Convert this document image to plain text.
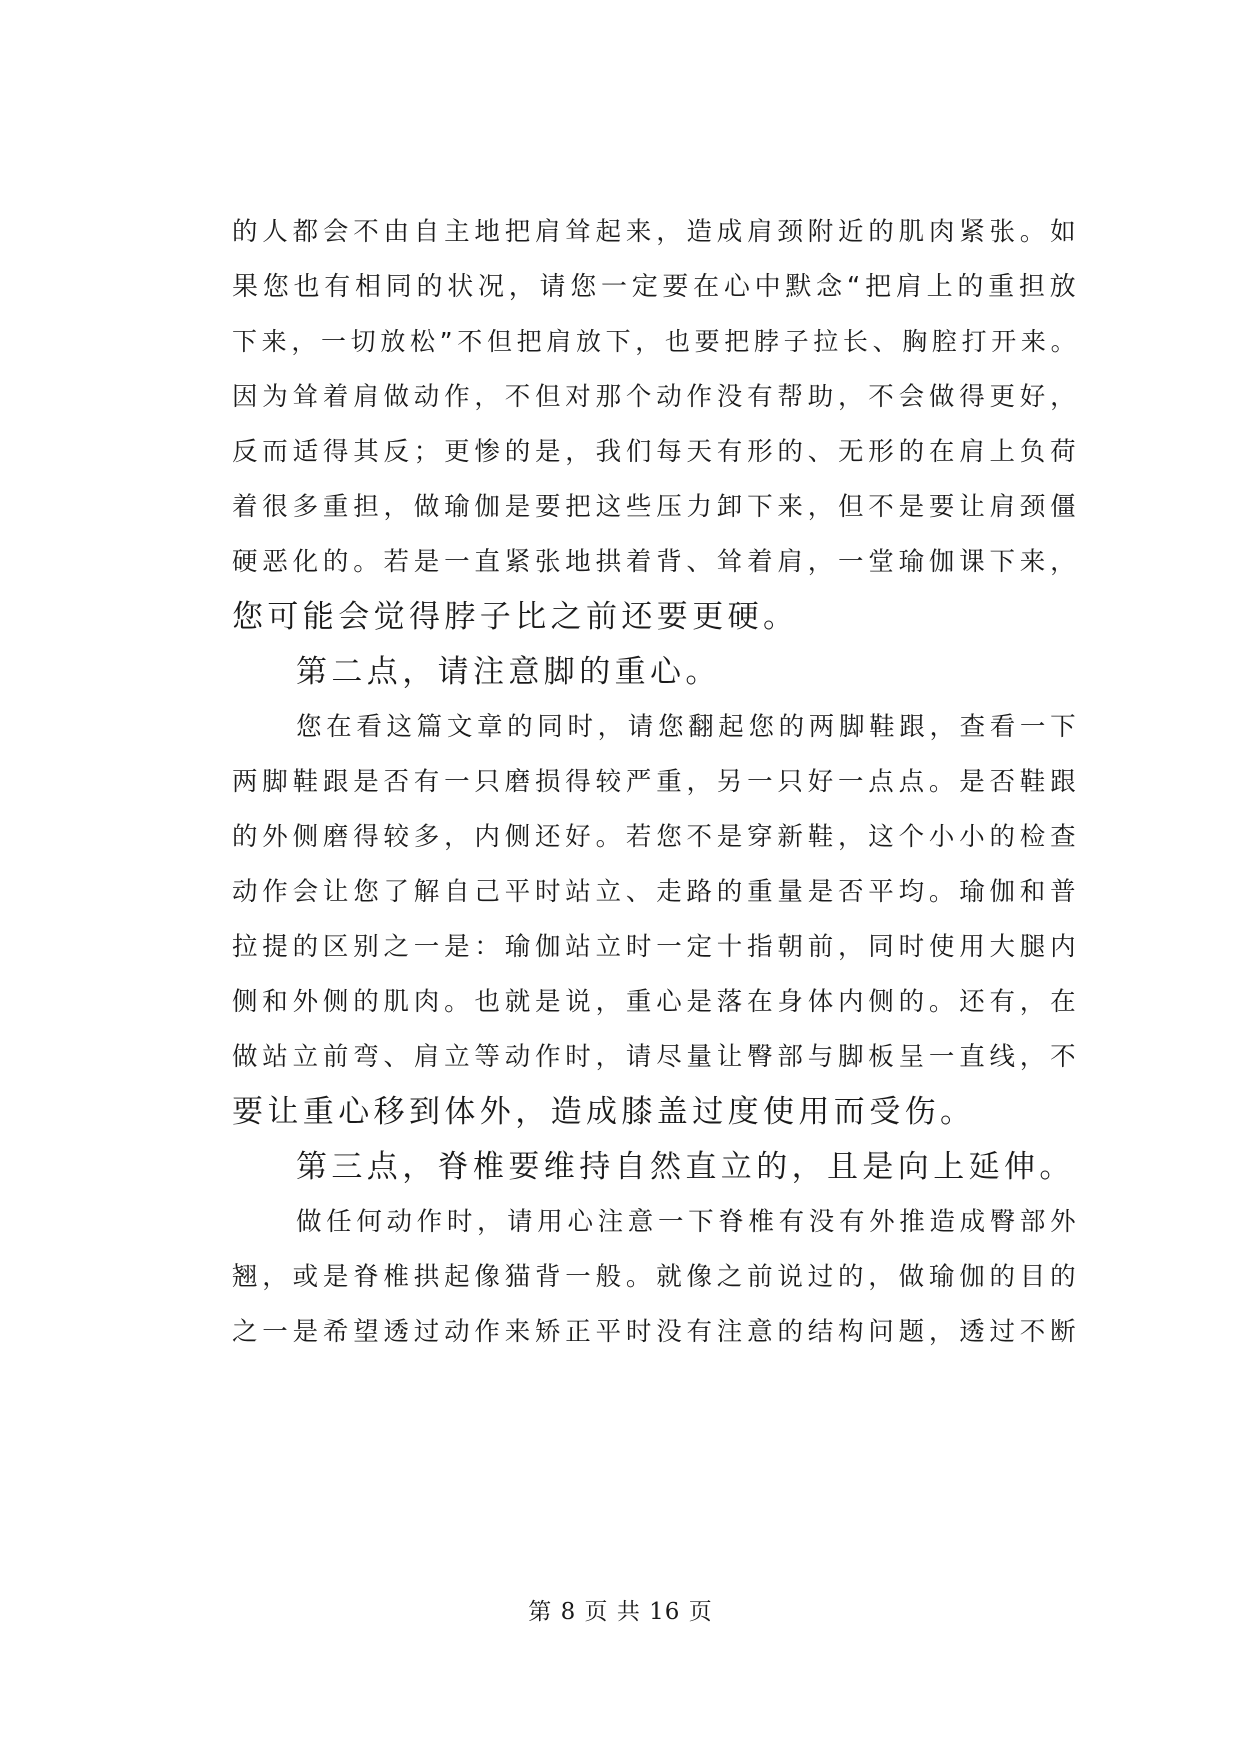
的人都会不由自主地把肩耸起来，造成肩颈附近的肌肉紧张。如
果您也有相同的状况，请您一定要在心中默念“把肩上的重担放
下来，一切放松”不但把肩放下，也要把脖子拉长、胸腔打开来。
因为耸着肩做动作，不但对那个动作没有帮助，不会做得更好，
反而适得其反；更惨的是，我们每天有形的、无形的在肩上负荷
着很多重担，做瑜伽是要把这些压力卸下来，但不是要让肩颈僵
硬恶化的。若是一直紧张地拱着背、耸着肩，一堂瑜伽课下来，
您可能会觉得脖子比之前还要更硬。
第二点，请注意脚的重心。
您在看这篇文章的同时，请您翻起您的两脚鞋跟，查看一下
两脚鞋跟是否有一只磨损得较严重，另一只好一点点。是否鞋跟
的外侧磨得较多，内侧还好。若您不是穿新鞋，这个小小的检查
动作会让您了解自己平时站立、走路的重量是否平均。瑜伽和普
拉提的区别之一是：瑜伽站立时一定十指朝前，同时使用大腿内
侧和外侧的肌肉。也就是说，重心是落在身体内侧的。还有，在
做站立前弯、肩立等动作时，请尽量让臀部与脚板呈一直线，不
要让重心移到体外，造成膝盖过度使用而受伤。
第三点，脊椎要维持自然直立的，且是向上延伸。
做任何动作时，请用心注意一下脊椎有没有外推造成臀部外
翘，或是脊椎拱起像猫背一般。就像之前说过的，做瑜伽的目的
之一是希望透过动作来矫正平时没有注意的结构问题，透过不断
第 8 页 共 16 页
